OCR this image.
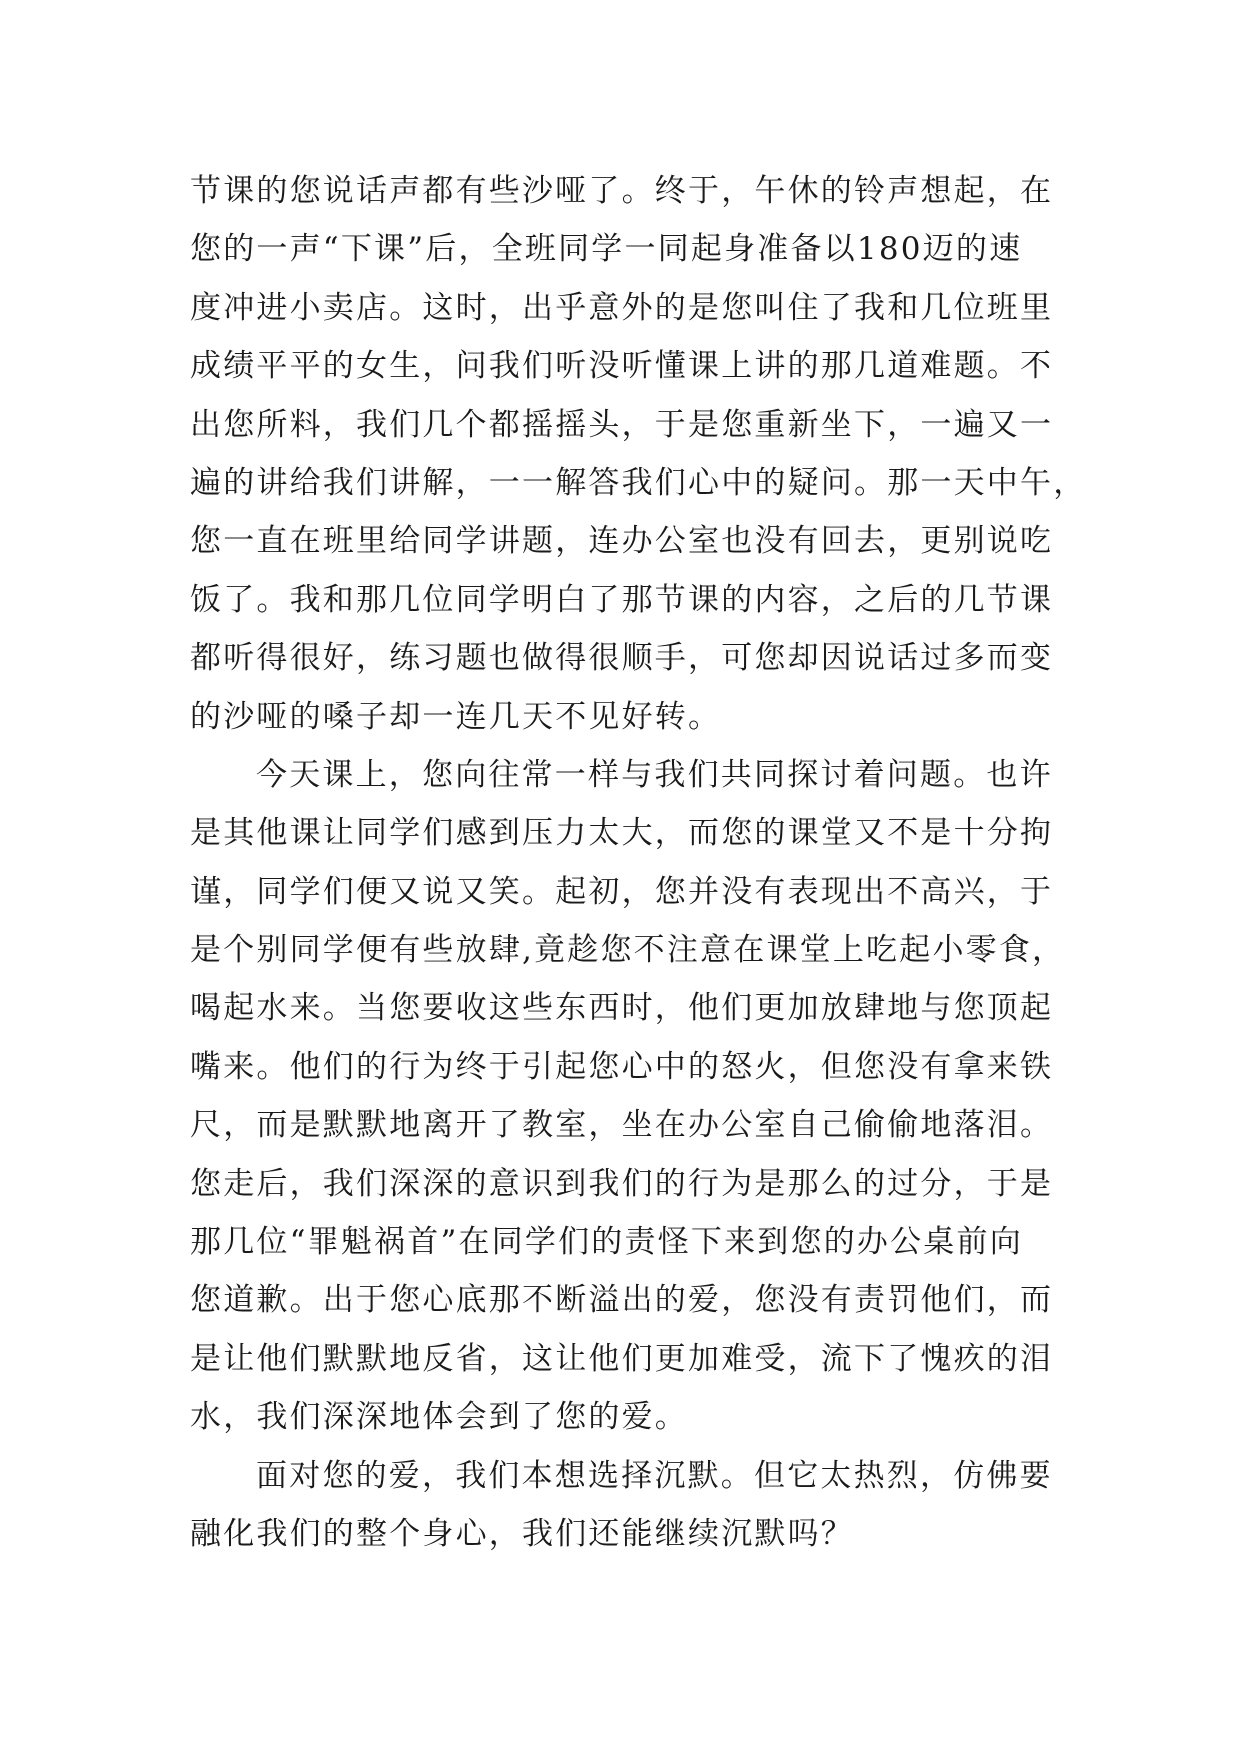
节课的您说话声都有些沙哑了。终于，午休的铃声想起，在
您的一声“下课”后，全班同学一同起身准备以180迈的速
度冲进小卖店。这时，出乎意外的是您叫住了我和几位班里
成绩平平的女生，问我们听没听懂课上讲的那几道难题。不
出您所料，我们几个都摇摇头，于是您重新坐下，一遍又一
遍的讲给我们讲解，一一解答我们心中的疑问。那一天中午，
您一直在班里给同学讲题，连办公室也没有回去，更别说吃
饭了。我和那几位同学明白了那节课的内容，之后的几节课
都听得很好，练习题也做得很顺手，可您却因说话过多而变
的沙哑的嗓子却一连几天不见好转。
今天课上，您向往常一样与我们共同探讨着问题。也许
是其他课让同学们感到压力太大，而您的课堂又不是十分拘
谨，同学们便又说又笑。起初，您并没有表现出不高兴，于
是个别同学便有些放肆,竟趁您不注意在课堂上吃起小零食，
喝起水来。当您要收这些东西时，他们更加放肆地与您顶起
嘴来。他们的行为终于引起您心中的怒火，但您没有拿来铁
尺，而是默默地离开了教室，坐在办公室自己偷偷地落泪。
您走后，我们深深的意识到我们的行为是那么的过分，于是
那几位“罪魁祸首”在同学们的责怪下来到您的办公桌前向
您道歉。出于您心底那不断溢出的爱，您没有责罚他们，而
是让他们默默地反省，这让他们更加难受，流下了愧疚的泪
水，我们深深地体会到了您的爱。
面对您的爱，我们本想选择沉默。但它太热烈，仿佛要
融化我们的整个身心，我们还能继续沉默吗？
